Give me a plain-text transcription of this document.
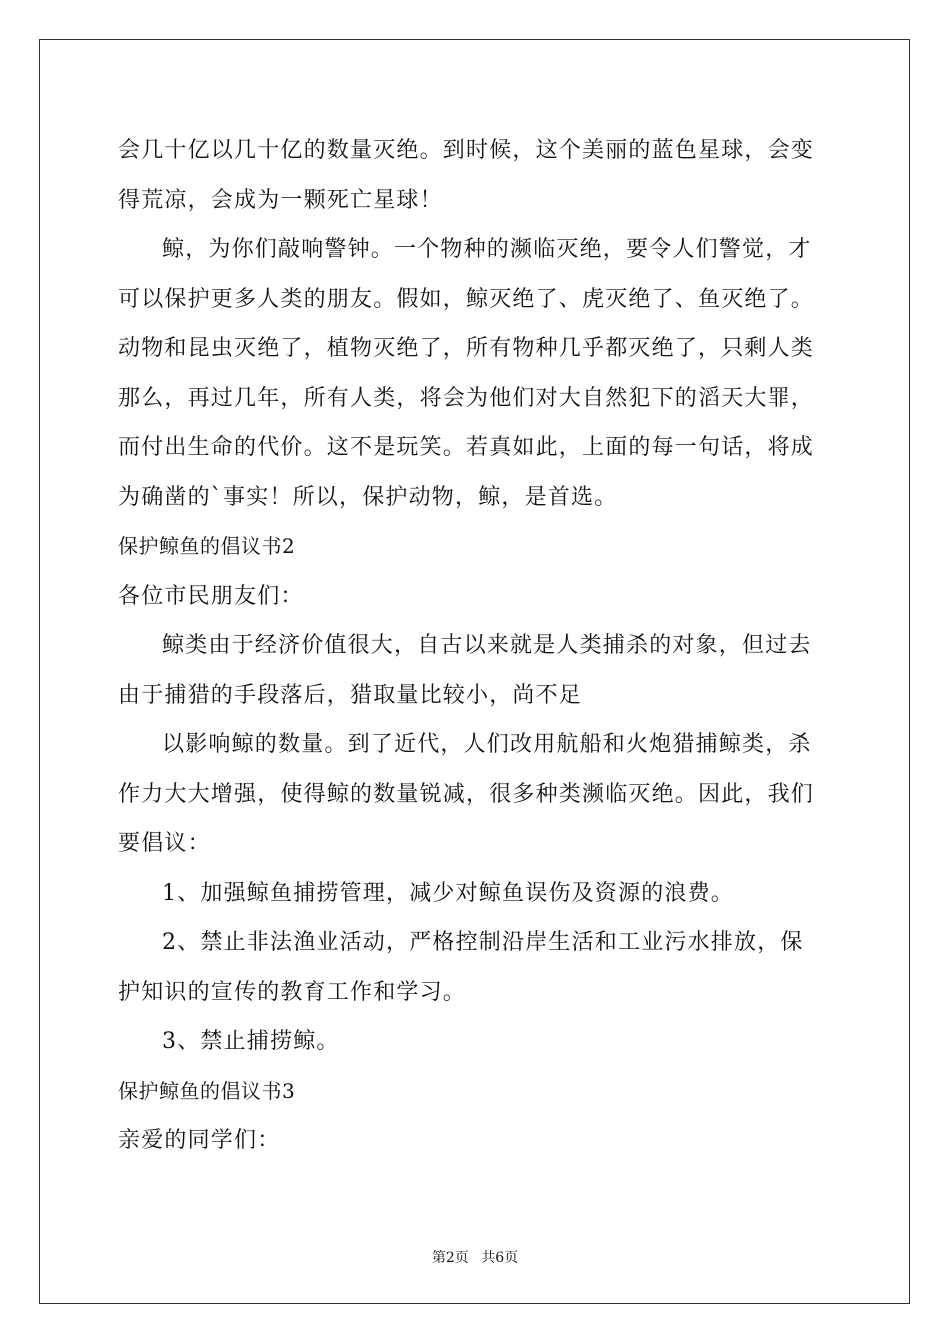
会几十亿以几十亿的数量灭绝。到时候，这个美丽的蓝色星球，会变
得荒凉，会成为一颗死亡星球！
鲸，为你们敲响警钟。一个物种的濒临灭绝，要令人们警觉，才
可以保护更多人类的朋友。假如，鲸灭绝了、虎灭绝了、鱼灭绝了。
动物和昆虫灭绝了，植物灭绝了，所有物种几乎都灭绝了，只剩人类
那么，再过几年，所有人类，将会为他们对大自然犯下的滔天大罪，
而付出生命的代价。这不是玩笑。若真如此，上面的每一句话，将成
为确凿的`事实！所以，保护动物，鲸，是首选。
保护鲸鱼的倡议书2
各位市民朋友们：
鲸类由于经济价值很大，自古以来就是人类捕杀的对象，但过去
由于捕猎的手段落后，猎取量比较小，尚不足
以影响鲸的数量。到了近代，人们改用航船和火炮猎捕鲸类，杀
作力大大增强，使得鲸的数量锐减，很多种类濒临灭绝。因此，我们
要倡议：
1、加强鲸鱼捕捞管理，减少对鲸鱼误伤及资源的浪费。
2、禁止非法渔业活动，严格控制沿岸生活和工业污水排放，保
护知识的宣传的教育工作和学习。
3、禁止捕捞鲸。
保护鲸鱼的倡议书3
亲爱的同学们：
第2页 共6页
